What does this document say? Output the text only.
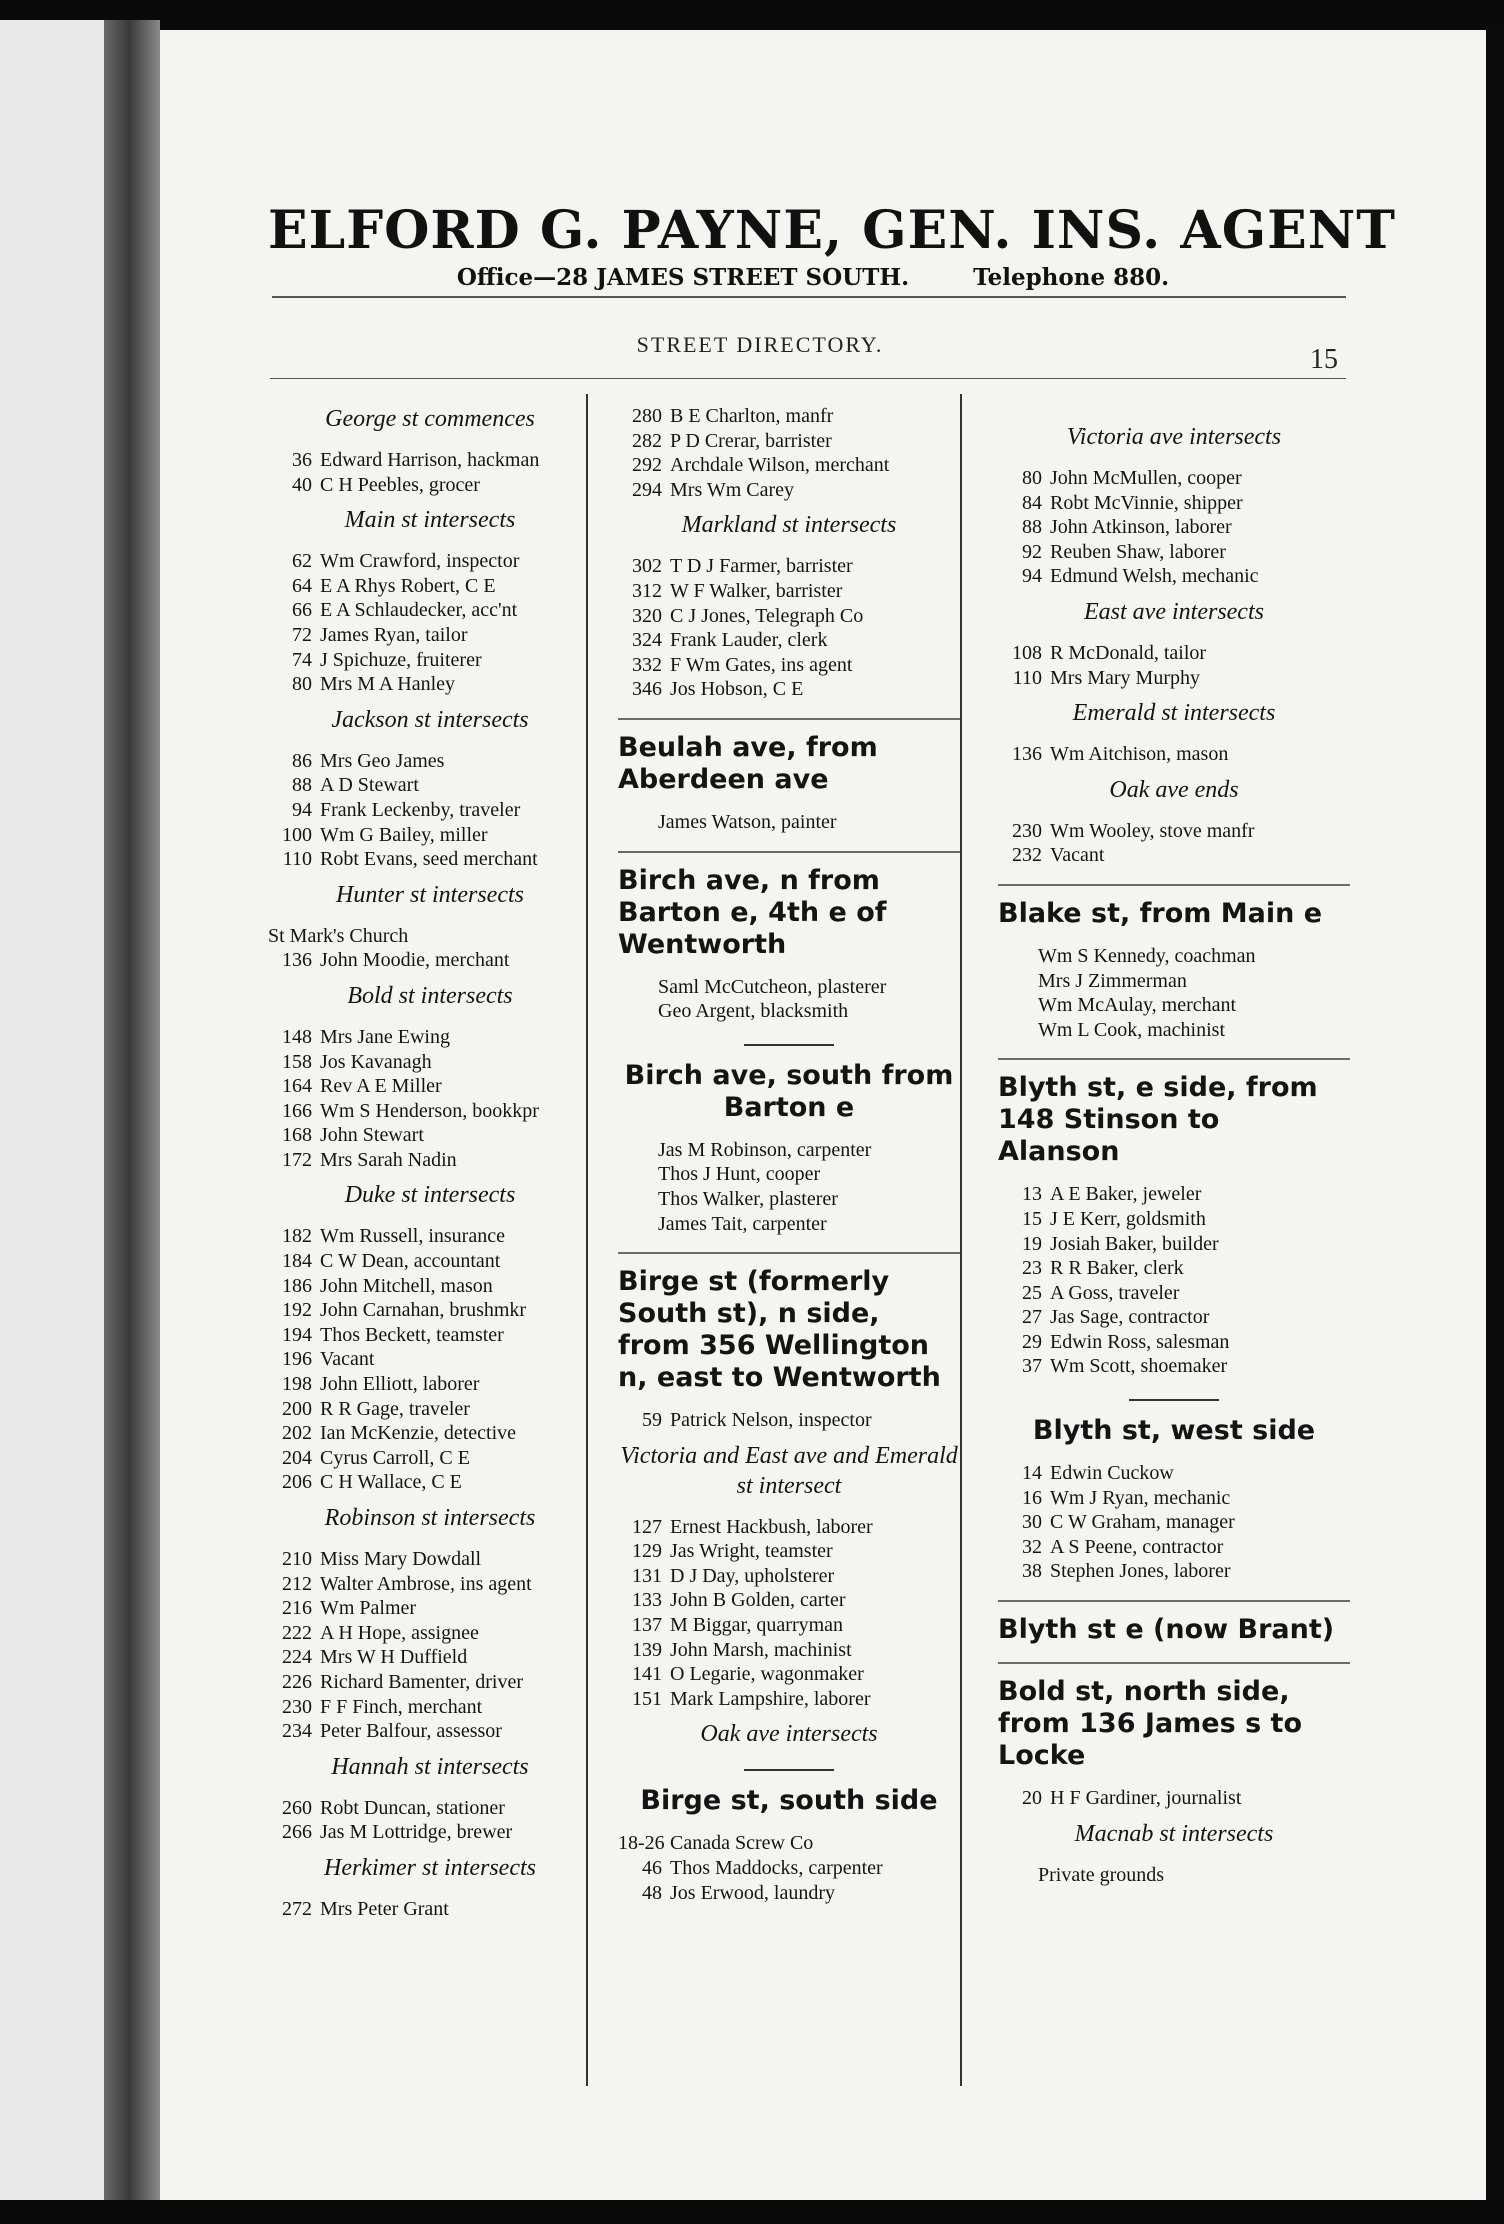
ELFORD G. PAYNE, GEN. INS. AGENT
Office—28 JAMES STREET SOUTH.	Telephone 880.
STREET DIRECTORY.	15
George st commences
36 Edward Harrison, hackman
40 C H Peebles, grocer
Main st intersects
62 Wm Crawford, inspector
64 E A Rhys Robert, C E
66 E A Schlaudecker, acc'nt
72 James Ryan, tailor
74 J Spichuze, fruiterer
80 Mrs M A Hanley
Jackson st intersects
86 Mrs Geo James
88 A D Stewart
94 Frank Leckenby, traveler
100 Wm G Bailey, miller
110 Robt Evans, seed merchant
Hunter st intersects
St Mark's Church
136 John Moodie, merchant
Bold st intersects
148 Mrs Jane Ewing
158 Jos Kavanagh
164 Rev A E Miller
166 Wm S Henderson, bookkpr
168 John Stewart
172 Mrs Sarah Nadin
Duke st intersects
182 Wm Russell, insurance
184 C W Dean, accountant
186 John Mitchell, mason
192 John Carnahan, brushmkr
194 Thos Beckett, teamster
196 Vacant
198 John Elliott, laborer
200 R R Gage, traveler
202 Ian McKenzie, detective
204 Cyrus Carroll, C E
206 C H Wallace, C E
Robinson st intersects
210 Miss Mary Dowdall
212 Walter Ambrose, ins agent
216 Wm Palmer
222 A H Hope, assignee
224 Mrs W H Duffield
226 Richard Bamenter, driver
230 F F Finch, merchant
234 Peter Balfour, assessor
Hannah st intersects
260 Robt Duncan, stationer
266 Jas M Lottridge, brewer
Herkimer st intersects
272 Mrs Peter Grant
280 B E Charlton, manfr
282 P D Crerar, barrister
292 Archdale Wilson, merchant
294 Mrs Wm Carey
Markland st intersects
302 T D J Farmer, barrister
312 W F Walker, barrister
320 C J Jones, Telegraph Co
324 Frank Lauder, clerk
332 F Wm Gates, ins agent
346 Jos Hobson, C E
Beulah ave, from Aberdeen ave
James Watson, painter
Birch ave, n from Barton e, 4th e of Wentworth
Saml McCutcheon, plasterer
Geo Argent, blacksmith
Birch ave, south from Barton e
Jas M Robinson, carpenter
Thos J Hunt, cooper
Thos Walker, plasterer
James Tait, carpenter
Birge st (formerly South st), n side, from 356 Wellington n, east to Wentworth
59 Patrick Nelson, inspector
Victoria and East ave and Emerald st intersect
127 Ernest Hackbush, laborer
129 Jas Wright, teamster
131 D J Day, upholsterer
133 John B Golden, carter
137 M Biggar, quarryman
139 John Marsh, machinist
141 O Legarie, wagonmaker
151 Mark Lampshire, laborer
Oak ave intersects
Birge st, south side
18-26 Canada Screw Co
46 Thos Maddocks, carpenter
48 Jos Erwood, laundry
Victoria ave intersects
80 John McMullen, cooper
84 Robt McVinnie, shipper
88 John Atkinson, laborer
92 Reuben Shaw, laborer
94 Edmund Welsh, mechanic
East ave intersects
108 R McDonald, tailor
110 Mrs Mary Murphy
Emerald st intersects
136 Wm Aitchison, mason
Oak ave ends
230 Wm Wooley, stove manfr
232 Vacant
Blake st, from Main e
Wm S Kennedy, coachman
Mrs J Zimmerman
Wm McAulay, merchant
Wm L Cook, machinist
Blyth st, e side, from 148 Stinson to Alanson
13 A E Baker, jeweler
15 J E Kerr, goldsmith
19 Josiah Baker, builder
23 R R Baker, clerk
25 A Goss, traveler
27 Jas Sage, contractor
29 Edwin Ross, salesman
37 Wm Scott, shoemaker
Blyth st, west side
14 Edwin Cuckow
16 Wm J Ryan, mechanic
30 C W Graham, manager
32 A S Peene, contractor
38 Stephen Jones, laborer
Blyth st e (now Brant)
Bold st, north side, from 136 James s to Locke
20 H F Gardiner, journalist
Macnab st intersects
Private grounds
